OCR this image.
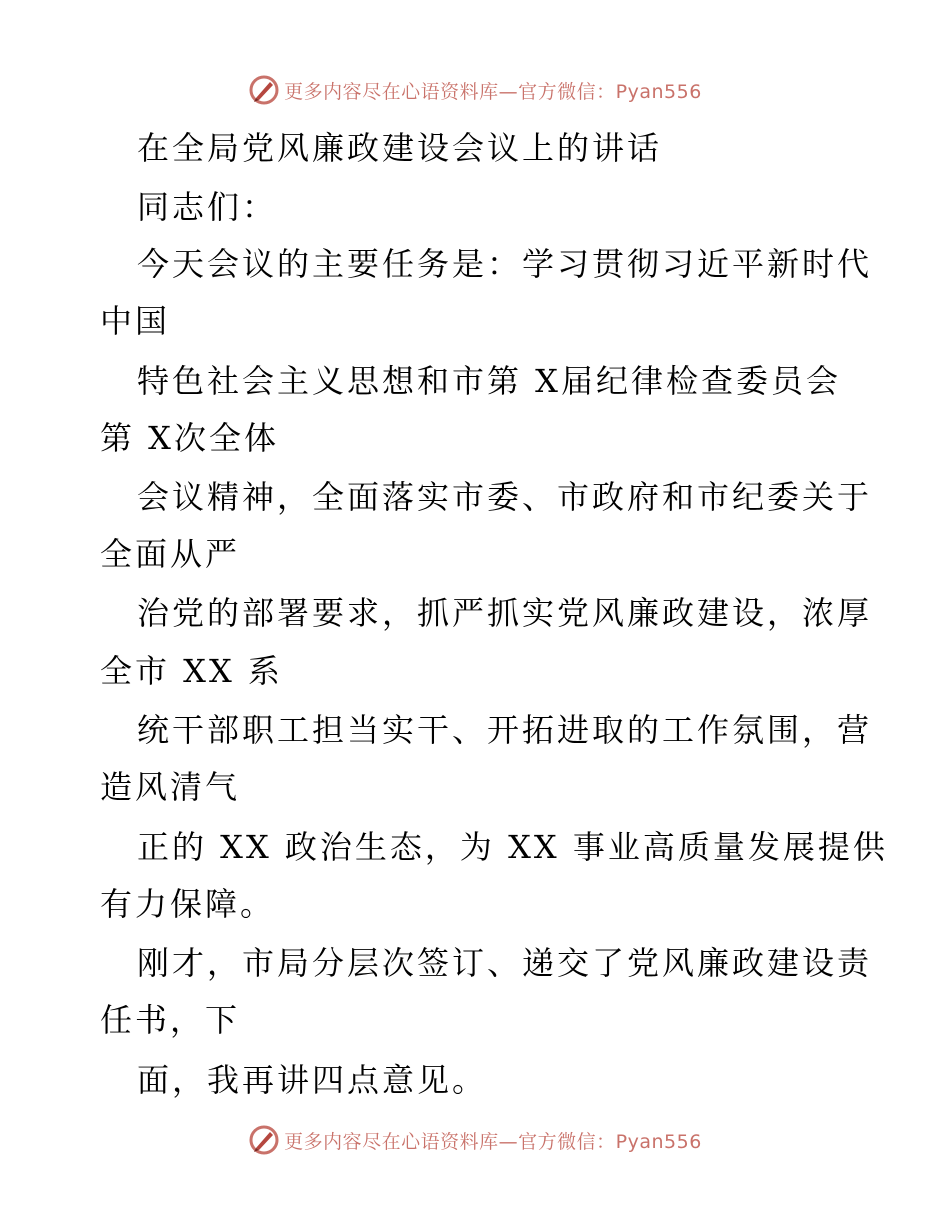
更多内容尽在心语资料库—官方微信：Pyan556
在全局党风廉政建设会议上的讲话
同志们：
今天会议的主要任务是：学习贯彻习近平新时代
中国
特色社会主义思想和市第 X届纪律检查委员会
第 X次全体
会议精神，全面落实市委、市政府和市纪委关于
全面从严
治党的部署要求，抓严抓实党风廉政建设，浓厚
全市 XX 系
统干部职工担当实干、开拓进取的工作氛围，营
造风清气
正的 XX 政治生态，为 XX 事业高质量发展提供
有力保障。
刚才，市局分层次签订、递交了党风廉政建设责
任书，下
面，我再讲四点意见。
更多内容尽在心语资料库—官方微信：Pyan556
